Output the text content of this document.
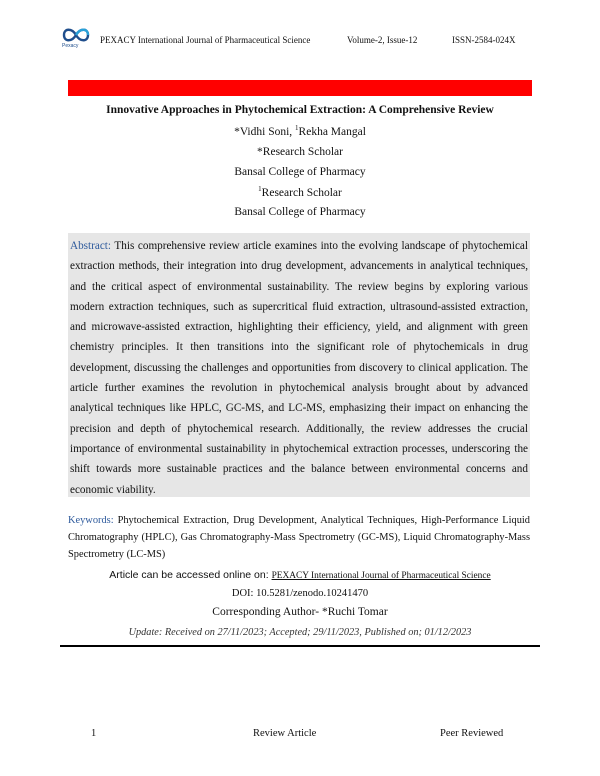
Pexacy
PEXACY International Journal of Pharmaceutical Science	Volume-2, Issue-12	ISSN-2584-024X
Innovative Approaches in Phytochemical Extraction: A Comprehensive Review
*Vidhi Soni, $^1$Rekha Mangal
*Research Scholar
Bansal College of Pharmacy
$^1$Research Scholar
Bansal College of Pharmacy
Abstract: This comprehensive review article examines into the evolving landscape of phytochemical extraction methods, their integration into drug development, advancements in analytical techniques, and the critical aspect of environmental sustainability. The review begins by exploring various modern extraction techniques, such as supercritical fluid extraction, ultrasound-assisted extraction, and microwave-assisted extraction, highlighting their efficiency, yield, and alignment with green chemistry principles. It then transitions into the significant role of phytochemicals in drug development, discussing the challenges and opportunities from discovery to clinical application. The article further examines the revolution in phytochemical analysis brought about by advanced analytical techniques like HPLC, GC-MS, and LC-MS, emphasizing their impact on enhancing the precision and depth of phytochemical research. Additionally, the review addresses the crucial importance of environmental sustainability in phytochemical extraction processes, underscoring the shift towards more sustainable practices and the balance between environmental concerns and economic viability.
Keywords: Phytochemical Extraction, Drug Development, Analytical Techniques, High-Performance Liquid Chromatography (HPLC), Gas Chromatography-Mass Spectrometry (GC-MS), Liquid Chromatography-Mass Spectrometry (LC-MS)
Article can be accessed online on: PEXACY International Journal of Pharmaceutical Science
DOI: 10.5281/zenodo.10241470
Corresponding Author- *Ruchi Tomar
Update: Received on 27/11/2023; Accepted; 29/11/2023, Published on; 01/12/2023
1	Review Article	Peer Reviewed
